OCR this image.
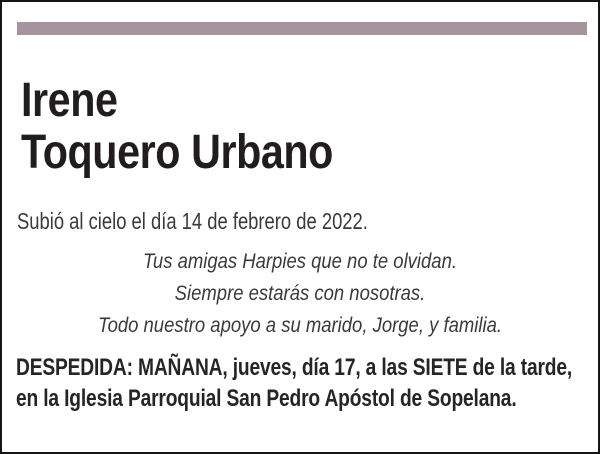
Irene
Toquero Urbano
Subió al cielo el día 14 de febrero de 2022.
Tus amigas Harpies que no te olvidan.
Siempre estarás con nosotras.
Todo nuestro apoyo a su marido, Jorge, y familia.
DESPEDIDA: MAÑANA, jueves, día 17, a las SIETE de la tarde,
en la Iglesia Parroquial San Pedro Apóstol de Sopelana.
